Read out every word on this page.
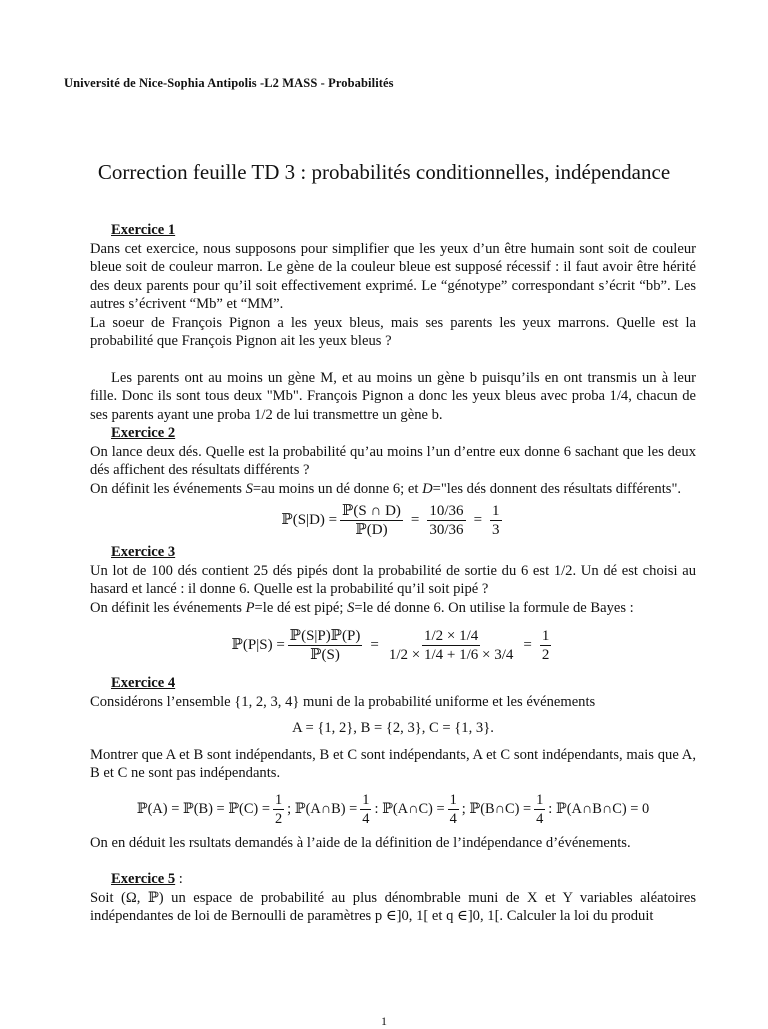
Université de Nice-Sophia Antipolis -L2 MASS - Probabilités
Correction feuille TD 3 : probabilités conditionnelles, indépendance
Exercice 1

Dans cet exercice, nous supposons pour simplifier que les yeux d’un être humain sont soit de couleur bleue soit de couleur marron. Le gène de la couleur bleue est supposé récessif : il faut avoir être hérité des deux parents pour qu’il soit effectivement exprimé. Le “génotype” correspondant s’écrit “bb”. Les autres s’écrivent “Mb” et “MM”.

La soeur de François Pignon a les yeux bleus, mais ses parents les yeux marrons. Quelle est la probabilité que François Pignon ait les yeux bleus ?

Les parents ont au moins un gène M, et au moins un gène b puisqu’ils en ont transmis un à leur fille. Donc ils sont tous deux "Mb". François Pignon a donc les yeux bleus avec proba 1/4, chacun de ses parents ayant une proba 1/2 de lui transmettre un gène b.

Exercice 2

On lance deux dés. Quelle est la probabilité qu’au moins l’un d’entre eux donne 6 sachant que les deux dés affichent des résultats différents ?

On définit les événements S=au moins un dé donne 6; et D="les dés donnent des résultats différents".

ℙ(S|D) = $\frac{\text{ℙ(S ∩ D)}}{\text{ℙ(D)}} = \frac{10/36}{30/36} = \frac{1}{3}$
Exercice 3

Un lot de 100 dés contient 25 dés pipés dont la probabilité de sortie du 6 est 1/2. Un dé est choisi au hasard et lancé : il donne 6. Quelle est la probabilité qu’il soit pipé ?

On définit les événements P=le dé est pipé; S=le dé donne 6. On utilise la formule de Bayes :

ℙ(P|S) = $\frac{\text{ℙ(S|P)ℙ(P)}}{\text{ℙ(S)}} = \frac{1/2 \times 1/4}{1/2 \times 1/4 + 1/6 \times 3/4} = \frac{1}{2}$
Exercice 4

Considérons l’ensemble {1, 2, 3, 4} muni de la probabilité uniforme et les événements

A = {1, 2}, B = {2, 3}, C = {1, 3}.

Montrer que A et B sont indépendants, B et C sont indépendants, A et C sont indépendants, mais que A, B et C ne sont pas indépendants.

ℙ(A) = ℙ(B) = ℙ(C) = $\frac{1}{2}$ ; ℙ(A∩B) = $\frac{1}{4}$ : ℙ(A∩C) = $\frac{1}{4}$ ; ℙ(B∩C) = $\frac{1}{4}$ : ℙ(A∩B∩C) = 0

On en déduit les rsultats demandés à l’aide de la définition de l’indépendance d’événements.

Exercice 5 :

Soit (Ω, ℙ) un espace de probabilité au plus dénombrable muni de X et Y variables aléatoires indépendantes de loi de Bernoulli de paramètres p ∈]0, 1[ et q ∈]0, 1[. Calculer la loi du produit

1
